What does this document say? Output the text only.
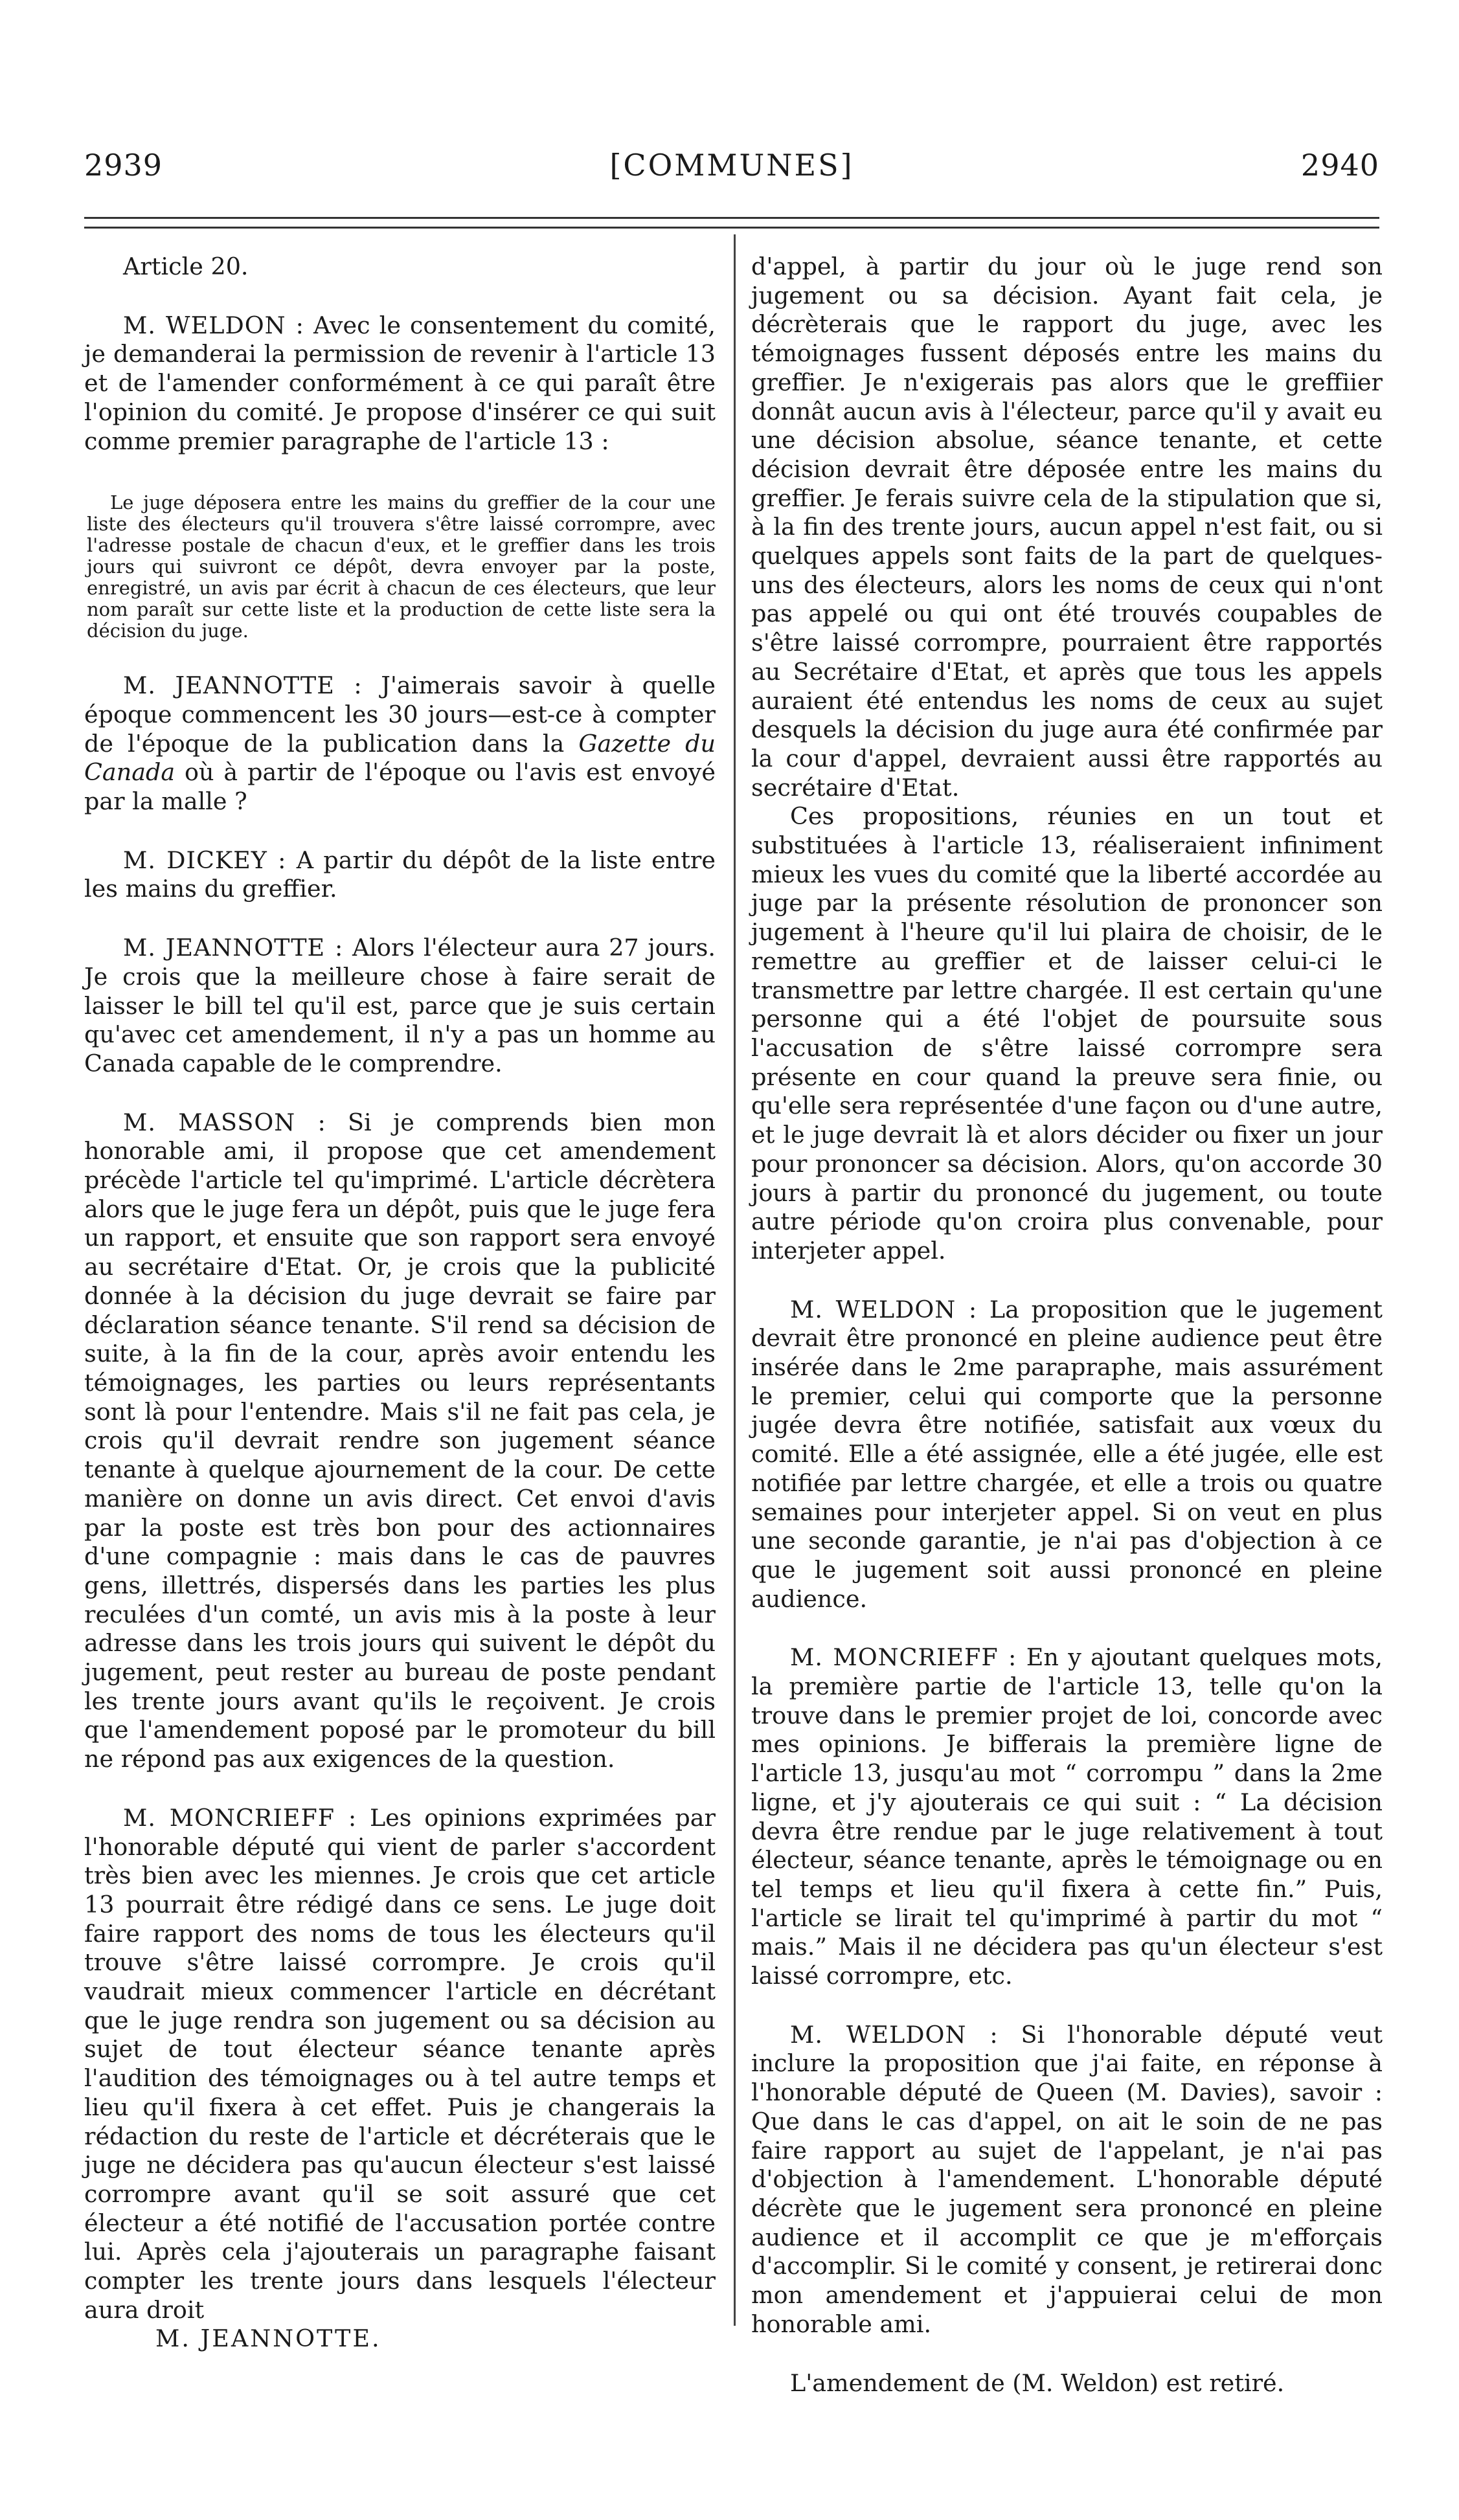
2939	[COMMUNES]	2940

Article 20.

M. WELDON : Avec le consentement du comité, je demanderai la permission de revenir à l'article 13 et de l'amender conformément à ce qui paraît être l'opinion du comité. Je propose d'insérer ce qui suit comme premier paragraphe de l'article 13 :

Le juge déposera entre les mains du greffier de la cour une liste des électeurs qu'il trouvera s'être laissé corrompre, avec l'adresse postale de chacun d'eux, et le greffier dans les trois jours qui suivront ce dépôt, devra envoyer par la poste, enregistré, un avis par écrit à chacun de ces électeurs, que leur nom paraît sur cette liste et la production de cette liste sera la décision du juge.

M. JEANNOTTE : J'aimerais savoir à quelle époque commencent les 30 jours—est-ce à compter de l'époque de la publication dans la Gazette du Canada où à partir de l'époque ou l'avis est envoyé par la malle ?

M. DICKEY : A partir du dépôt de la liste entre les mains du greffier.

M. JEANNOTTE : Alors l'électeur aura 27 jours. Je crois que la meilleure chose à faire serait de laisser le bill tel qu'il est, parce que je suis certain qu'avec cet amendement, il n'y a pas un homme au Canada capable de le comprendre.

M. MASSON : Si je comprends bien mon honorable ami, il propose que cet amendement précède l'article tel qu'imprimé. L'article décrètera alors que le juge fera un dépôt, puis que le juge fera un rapport, et ensuite que son rapport sera envoyé au secrétaire d'Etat. Or, je crois que la publicité donnée à la décision du juge devrait se faire par déclaration séance tenante. S'il rend sa décision de suite, à la fin de la cour, après avoir entendu les témoignages, les parties ou leurs représentants sont là pour l'entendre. Mais s'il ne fait pas cela, je crois qu'il devrait rendre son jugement séance tenante à quelque ajournement de la cour. De cette manière on donne un avis direct. Cet envoi d'avis par la poste est très bon pour des actionnaires d'une compagnie : mais dans le cas de pauvres gens, illettrés, dispersés dans les parties les plus reculées d'un comté, un avis mis à la poste à leur adresse dans les trois jours qui suivent le dépôt du jugement, peut rester au bureau de poste pendant les trente jours avant qu'ils le reçoivent. Je crois que l'amendement poposé par le promoteur du bill ne répond pas aux exigences de la question.

M. MONCRIEFF : Les opinions exprimées par l'honorable député qui vient de parler s'accordent très bien avec les miennes. Je crois que cet article 13 pourrait être rédigé dans ce sens. Le juge doit faire rapport des noms de tous les électeurs qu'il trouve s'être laissé corrompre. Je crois qu'il vaudrait mieux commencer l'article en décrétant que le juge rendra son jugement ou sa décision au sujet de tout électeur séance tenante après l'audition des témoignages ou à tel autre temps et lieu qu'il fixera à cet effet. Puis je changerais la rédaction du reste de l'article et décréterais que le juge ne décidera pas qu'aucun électeur s'est laissé corrompre avant qu'il se soit assuré que cet électeur a été notifié de l'accusation portée contre lui. Après cela j'ajouterais un paragraphe faisant compter les trente jours dans lesquels l'électeur aura droit

M. JEANNOTTE.

d'appel, à partir du jour où le juge rend son jugement ou sa décision. Ayant fait cela, je décrèterais que le rapport du juge, avec les témoignages fussent déposés entre les mains du greffier. Je n'exigerais pas alors que le greffiier donnât aucun avis à l'électeur, parce qu'il y avait eu une décision absolue, séance tenante, et cette décision devrait être déposée entre les mains du greffier. Je ferais suivre cela de la stipulation que si, à la fin des trente jours, aucun appel n'est fait, ou si quelques appels sont faits de la part de quelques-uns des électeurs, alors les noms de ceux qui n'ont pas appelé ou qui ont été trouvés coupables de s'être laissé corrompre, pourraient être rapportés au Secrétaire d'Etat, et après que tous les appels auraient été entendus les noms de ceux au sujet desquels la décision du juge aura été confirmée par la cour d'appel, devraient aussi être rapportés au secrétaire d'Etat.

Ces propositions, réunies en un tout et substituées à l'article 13, réaliseraient infiniment mieux les vues du comité que la liberté accordée au juge par la présente résolution de prononcer son jugement à l'heure qu'il lui plaira de choisir, de le remettre au greffier et de laisser celui-ci le transmettre par lettre chargée. Il est certain qu'une personne qui a été l'objet de poursuite sous l'accusation de s'être laissé corrompre sera présente en cour quand la preuve sera finie, ou qu'elle sera représentée d'une façon ou d'une autre, et le juge devrait là et alors décider ou fixer un jour pour prononcer sa décision. Alors, qu'on accorde 30 jours à partir du prononcé du jugement, ou toute autre période qu'on croira plus convenable, pour interjeter appel.

M. WELDON : La proposition que le jugement devrait être prononcé en pleine audience peut être insérée dans le 2me parapraphe, mais assurément le premier, celui qui comporte que la personne jugée devra être notifiée, satisfait aux vœux du comité. Elle a été assignée, elle a été jugée, elle est notifiée par lettre chargée, et elle a trois ou quatre semaines pour interjeter appel. Si on veut en plus une seconde garantie, je n'ai pas d'objection à ce que le jugement soit aussi prononcé en pleine audience.

M. MONCRIEFF : En y ajoutant quelques mots, la première partie de l'article 13, telle qu'on la trouve dans le premier projet de loi, concorde avec mes opinions. Je bifferais la première ligne de l'article 13, jusqu'au mot “ corrompu ” dans la 2me ligne, et j'y ajouterais ce qui suit : “ La décision devra être rendue par le juge relativement à tout électeur, séance tenante, après le témoignage ou en tel temps et lieu qu'il fixera à cette fin.” Puis, l'article se lirait tel qu'imprimé à partir du mot “ mais.” Mais il ne décidera pas qu'un électeur s'est laissé corrompre, etc.

M. WELDON : Si l'honorable député veut inclure la proposition que j'ai faite, en réponse à l'honorable député de Queen (M. Davies), savoir : Que dans le cas d'appel, on ait le soin de ne pas faire rapport au sujet de l'appelant, je n'ai pas d'objection à l'amendement. L'honorable député décrète que le jugement sera prononcé en pleine audience et il accomplit ce que je m'efforçais d'accomplir. Si le comité y consent, je retirerai donc mon amendement et j'appuierai celui de mon honorable ami.

L'amendement de (M. Weldon) est retiré.
